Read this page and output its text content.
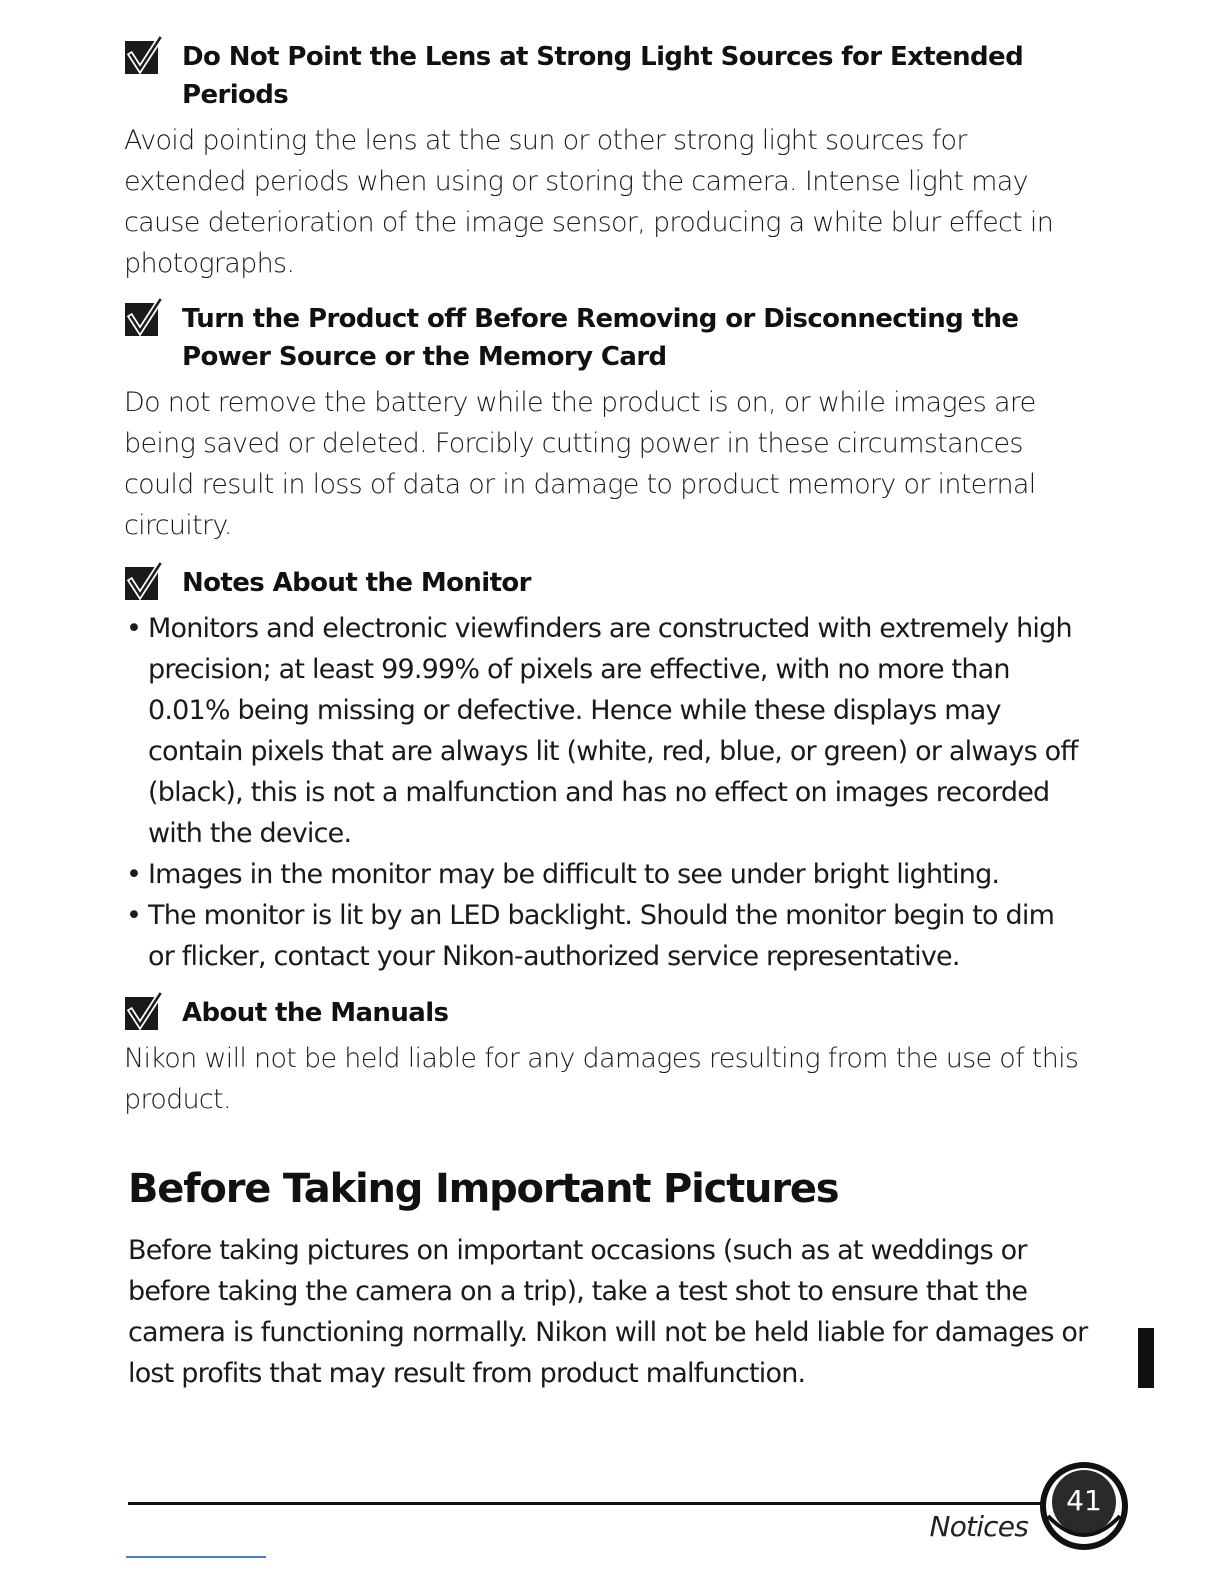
Do Not Point the Lens at Strong Light Sources for Extended Periods
Avoid pointing the lens at the sun or other strong light sources for extended periods when using or storing the camera. Intense light may cause deterioration of the image sensor, producing a white blur effect in photographs.
Turn the Product off Before Removing or Disconnecting the Power Source or the Memory Card
Do not remove the battery while the product is on, or while images are being saved or deleted. Forcibly cutting power in these circumstances could result in loss of data or in damage to product memory or internal circuitry.
Notes About the Monitor
• Monitors and electronic viewfinders are constructed with extremely high precision; at least 99.99% of pixels are effective, with no more than 0.01% being missing or defective. Hence while these displays may contain pixels that are always lit (white, red, blue, or green) or always off (black), this is not a malfunction and has no effect on images recorded with the device.
• Images in the monitor may be difficult to see under bright lighting.
• The monitor is lit by an LED backlight. Should the monitor begin to dim or flicker, contact your Nikon-authorized service representative.
About the Manuals
Nikon will not be held liable for any damages resulting from the use of this product.
Before Taking Important Pictures
Before taking pictures on important occasions (such as at weddings or before taking the camera on a trip), take a test shot to ensure that the camera is functioning normally. Nikon will not be held liable for damages or lost profits that may result from product malfunction.
Notices
41
